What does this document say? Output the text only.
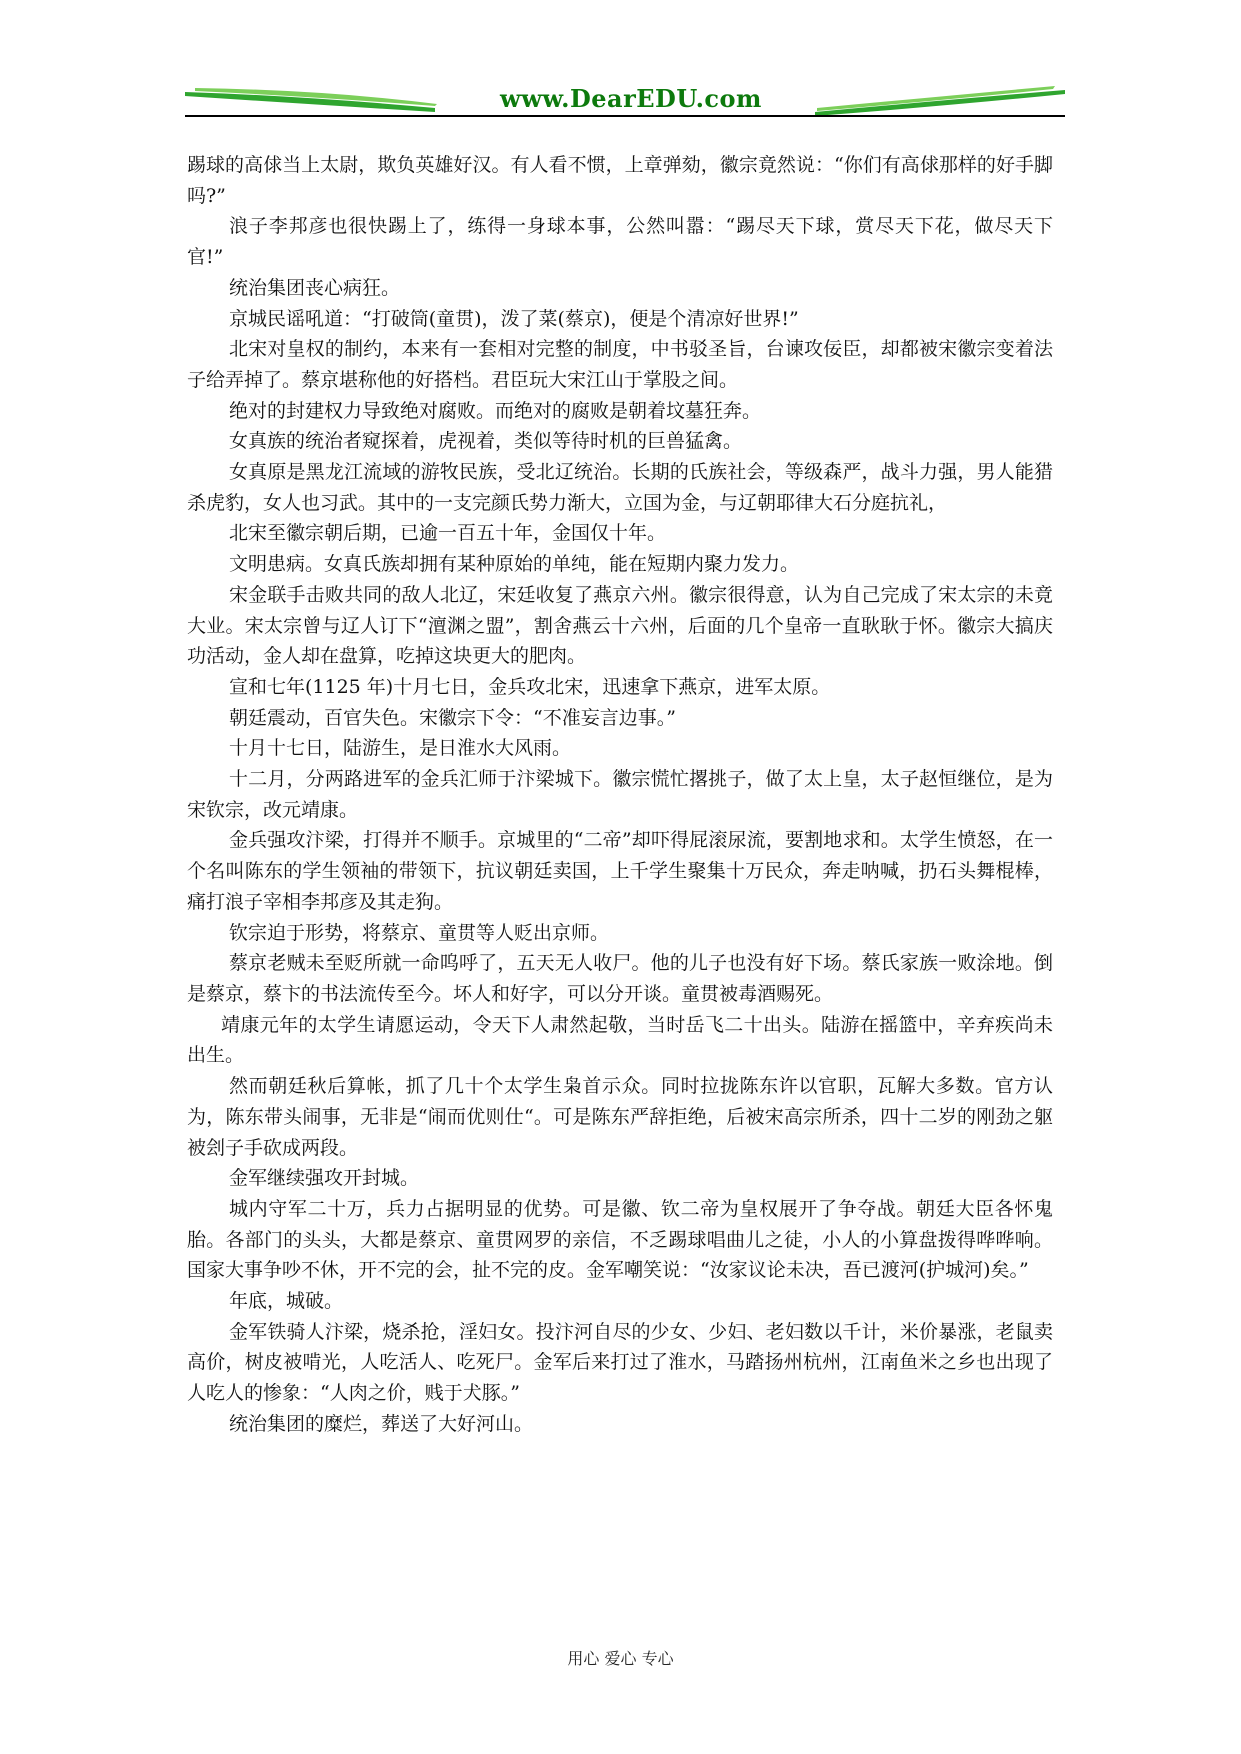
www.DearEDU.com

踢球的高俅当上太尉，欺负英雄好汉。有人看不惯，上章弹劾，徽宗竟然说：“你们有高俅那样的好手脚吗?”

浪子李邦彦也很快踢上了，练得一身球本事，公然叫嚣：“踢尽天下球，赏尽天下花，做尽天下官!”

统治集团丧心病狂。

京城民谣吼道：“打破筒(童贯)，泼了菜(蔡京)，便是个清凉好世界!”

北宋对皇权的制约，本来有一套相对完整的制度，中书驳圣旨，台谏攻佞臣，却都被宋徽宗变着法子给弄掉了。蔡京堪称他的好搭档。君臣玩大宋江山于掌股之间。

绝对的封建权力导致绝对腐败。而绝对的腐败是朝着坟墓狂奔。

女真族的统治者窥探着，虎视着，类似等待时机的巨兽猛禽。

女真原是黑龙江流域的游牧民族，受北辽统治。长期的氏族社会，等级森严，战斗力强，男人能猎杀虎豹，女人也习武。其中的一支完颜氏势力渐大，立国为金，与辽朝耶律大石分庭抗礼，

北宋至徽宗朝后期，已逾一百五十年，金国仅十年。

文明患病。女真氏族却拥有某种原始的单纯，能在短期内聚力发力。

宋金联手击败共同的敌人北辽，宋廷收复了燕京六州。徽宗很得意，认为自己完成了宋太宗的未竟大业。宋太宗曾与辽人订下“澶渊之盟”，割舍燕云十六州，后面的几个皇帝一直耿耿于怀。徽宗大搞庆功活动，金人却在盘算，吃掉这块更大的肥肉。

宣和七年(1125 年)十月七日，金兵攻北宋，迅速拿下燕京，进军太原。

朝廷震动，百官失色。宋徽宗下令：“不准妄言边事。”

十月十七日，陆游生，是日淮水大风雨。

十二月，分两路进军的金兵汇师于汴梁城下。徽宗慌忙撂挑子，做了太上皇，太子赵恒继位，是为宋钦宗，改元靖康。

金兵强攻汴梁，打得并不顺手。京城里的“二帝”却吓得屁滚尿流，要割地求和。太学生愤怒，在一个名叫陈东的学生领袖的带领下，抗议朝廷卖国，上千学生聚集十万民众，奔走呐喊，扔石头舞棍棒，痛打浪子宰相李邦彦及其走狗。

钦宗迫于形势，将蔡京、童贯等人贬出京师。

蔡京老贼未至贬所就一命呜呼了，五天无人收尸。他的儿子也没有好下场。蔡氏家族一败涂地。倒是蔡京，蔡卞的书法流传至今。坏人和好字，可以分开谈。童贯被毒酒赐死。

靖康元年的太学生请愿运动，令天下人肃然起敬，当时岳飞二十出头。陆游在摇篮中，辛弃疾尚未出生。

然而朝廷秋后算帐，抓了几十个太学生枭首示众。同时拉拢陈东许以官职，瓦解大多数。官方认为，陈东带头闹事，无非是“闹而优则仕“。可是陈东严辞拒绝，后被宋高宗所杀，四十二岁的刚劲之躯被刽子手砍成两段。

金军继续强攻开封城。

城内守军二十万，兵力占据明显的优势。可是徽、钦二帝为皇权展开了争夺战。朝廷大臣各怀鬼胎。各部门的头头，大都是蔡京、童贯网罗的亲信，不乏踢球唱曲儿之徒，小人的小算盘拨得哗哗响。国家大事争吵不休，开不完的会，扯不完的皮。金军嘲笑说：“汝家议论未决，吾已渡河(护城河)矣。”

年底，城破。

金军铁骑人汴梁，烧杀抢，淫妇女。投汴河自尽的少女、少妇、老妇数以千计，米价暴涨，老鼠卖高价，树皮被啃光，人吃活人、吃死尸。金军后来打过了淮水，马踏扬州杭州，江南鱼米之乡也出现了人吃人的惨象：“人肉之价，贱于犬豚。”

统治集团的糜烂，葬送了大好河山。

用心 爱心 专心
